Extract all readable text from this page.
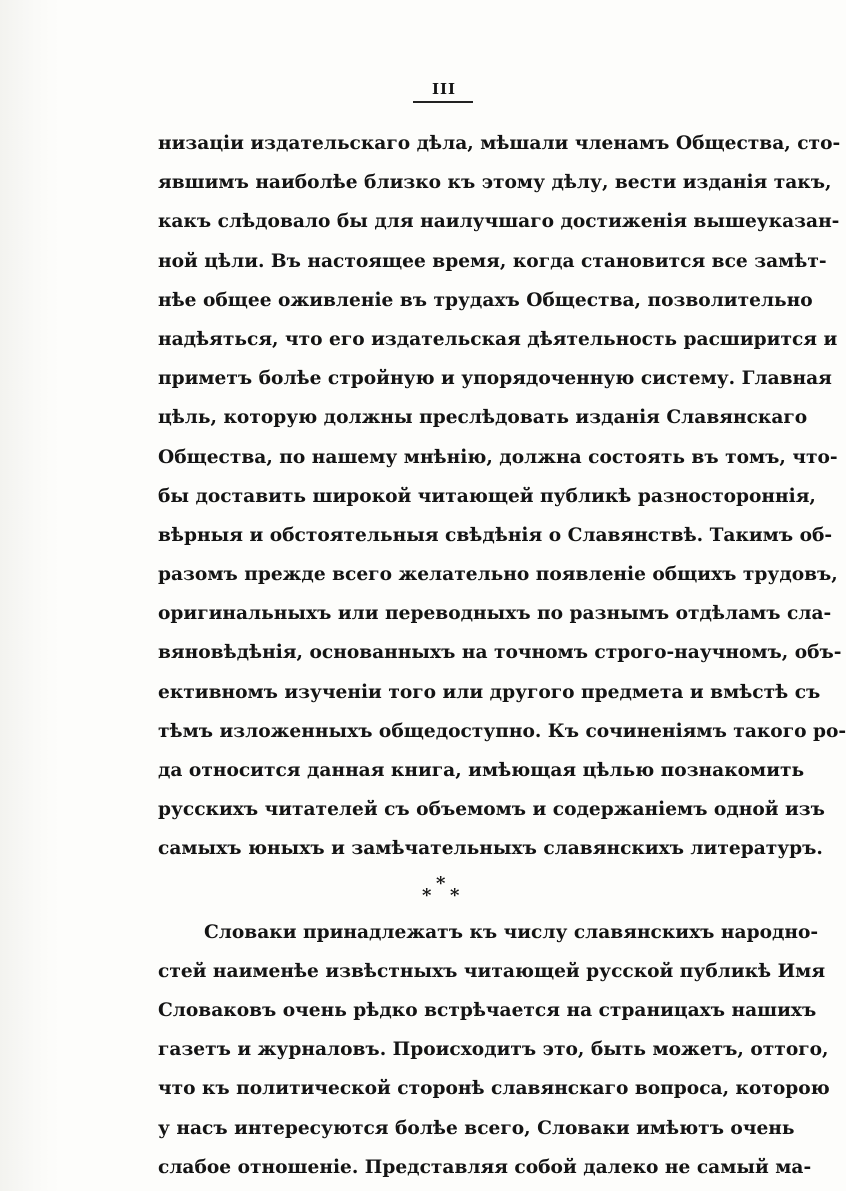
III
низаціи издательскаго дѣла, мѣшали членамъ Общества, сто-
явшимъ наиболѣе близко къ этому дѣлу, вести изданія такъ,
какъ слѣдовало бы для наилучшаго достиженія вышеуказан-
ной цѣли. Въ настоящее время, когда становится все замѣт-
нѣе общее оживленіе въ трудахъ Общества, позволительно
надѣяться, что его издательская дѣятельность расширится и
приметъ болѣе стройную и упорядоченную систему. Главная
цѣль, которую должны преслѣдовать изданія Славянскаго
Общества, по нашему мнѣнію, должна состоять въ томъ, что-
бы доставить широкой читающей публикѣ разностороннія,
вѣрныя и обстоятельныя свѣдѣнія о Славянствѣ. Такимъ об-
разомъ прежде всего желательно появленіе общихъ трудовъ,
оригинальныхъ или переводныхъ по разнымъ отдѣламъ сла-
вяновѣдѣнія, основанныхъ на точномъ строго-научномъ, объ-
ективномъ изученіи того или другого предмета и вмѣстѣ съ
тѣмъ изложенныхъ общедоступно. Къ сочиненіямъ такого ро-
да относится данная книга, имѣющая цѣлью познакомить
русскихъ читателей съ объемомъ и содержаніемъ одной изъ
самыхъ юныхъ и замѣчательныхъ славянскихъ литературъ.
*
*
*
Словаки принадлежатъ къ числу славянскихъ народно-
стей наименѣе извѣстныхъ читающей русской публикѣ Имя
Словаковъ очень рѣдко встрѣчается на страницахъ нашихъ
газетъ и журналовъ. Происходитъ это, быть можетъ, оттого,
что къ политической сторонѣ славянскаго вопроса, которою
у насъ интересуются болѣе всего, Словаки имѣютъ очень
слабое отношеніе. Представляя собой далеко не самый ма-
